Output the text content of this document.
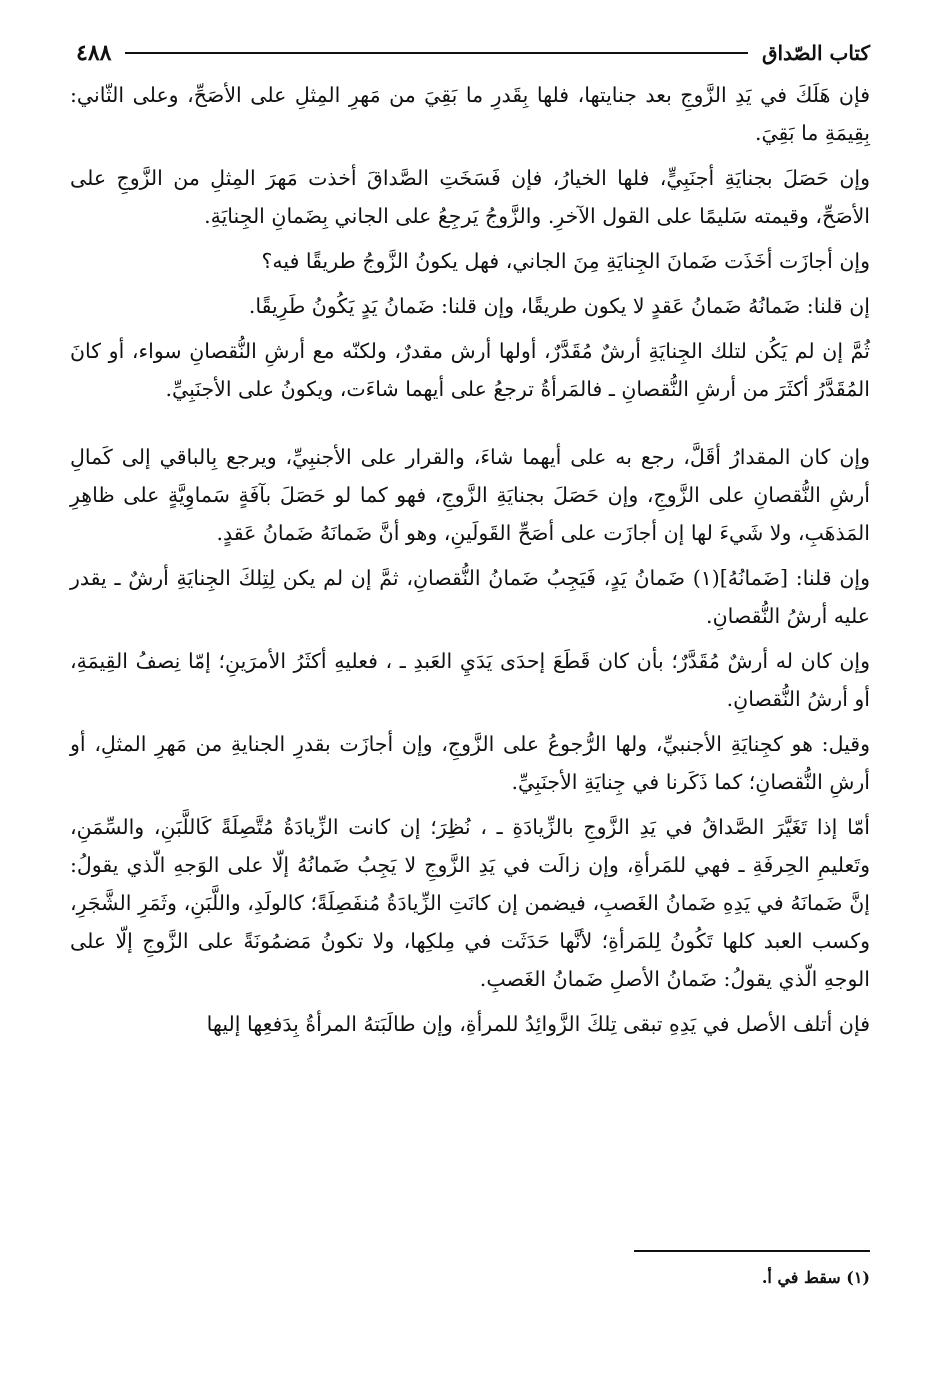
كتاب الصّداق
٤٨٨

فإن هَلَكَ في يَدِ الزَّوجِ بعد جنايتها، فلها بِقَدرِ ما بَقِيَ من مَهرِ المِثلِ على الأصَحِّ، وعلى الثّاني: بِقِيمَةِ ما بَقِيَ.

وإن حَصَلَ بجنايَةِ أجنَبِيٍّ، فلها الخيارُ، فإن فَسَخَتِ الصَّداقَ أخذت مَهرَ المِثلِ من الزَّوجِ على الأصَحِّ، وقيمته سَليمًا على القول الآخرِ. والزَّوجُ يَرجِعُ على الجاني بِضَمانِ الجِنايَةِ.

وإن أجازَت أخَذَت ضَمانَ الجِنايَةِ مِنَ الجاني، فهل يكونُ الزَّوجُ طريقًا فيه؟

إن قلنا: ضَمانُهُ ضَمانُ عَقدٍ لا يكون طريقًا، وإن قلنا: ضَمانُ يَدٍ يَكُونُ طَرِيقًا.

ثُمَّ إن لم يَكُن لتلك الجِنايَةِ أرشٌ مُقَدَّرٌ، أولها أرش مقدرٌ، ولكنّه مع أرشِ النُّقصانِ سواء، أو كانَ المُقَدَّرُ أكثَرَ من أرشِ النُّقصانِ ـ فالمَرأةُ ترجعُ على أيهما شاءَت، ويكونُ على الأجنَبِيِّ.

وإن كان المقدارُ أقَلَّ، رجع به على أيهما شاءَ، والقرار على الأجنبِيِّ، ويرجع بِالباقي إلى كَمالِ أرشِ النُّقصانِ على الزَّوجِ، وإن حَصَلَ بجنايَةِ الزَّوجِ، فهو كما لو حَصَلَ بآفَةٍ سَماوِيَّةٍ على ظاهِرِ المَذهَبِ، ولا شَيءَ لها إن أجازَت على أصَحِّ القَولَينِ، وهو أنَّ ضَمانَهُ ضَمانُ عَقدٍ.

وإن قلنا: [ضَمانُهُ](١) ضَمانُ يَدٍ، فَيَجِبُ ضَمانُ النُّقصانِ، ثمَّ إن لم يكن لِتِلكَ الجِنايَةِ أرشٌ ـ يقدر عليه أرشُ النُّقصانِ.

وإن كان له أرشٌ مُقَدَّرٌ؛ بأن كان قَطَعَ إحدَى يَدَيِ العَبدِ ـ ، فعليهِ أكثَرُ الأمرَينِ؛ إمّا نِصفُ القِيمَةِ، أو أرشُ النُّقصانِ.

وقيل: هو كجِنايَةِ الأجنبيِّ، ولها الرُّجوعُ على الزَّوجِ، وإن أجازَت بقدرِ الجنايةِ من مَهرِ المثلِ، أو أرشِ النُّقصانِ؛ كما ذَكَرنا في جِنايَةِ الأجنَبِيِّ.

أمّا إذا تَغَيَّرَ الصَّداقُ في يَدِ الزَّوجِ بالزِّيادَةِ ـ ، نُظِرَ؛ إن كانت الزِّيادَةُ مُتَّصِلَةً كَاللَّبَنِ، والسِّمَنِ، وتَعليمِ الحِرفَةِ ـ فهي للمَرأةِ، وإن زالَت في يَدِ الزَّوجِ لا يَجِبُ ضَمانُهُ إلّا على الوَجهِ الّذي يقولُ: إنَّ ضَمانَهُ في يَدِهِ ضَمانُ الغَصبِ، فيضمن إن كانَتِ الزِّيادَةُ مُنفَصِلَةً؛ كالولَدِ، واللَّبَنِ، وثَمَرِ الشَّجَرِ، وكسب العبد كلها تَكُونُ لِلمَرأةِ؛ لأنَّها حَدَثَت في مِلكِها، ولا تكونُ مَضمُونَةً على الزَّوجِ إلّا على الوجهِ الّذي يقولُ: ضَمانُ الأصلِ ضَمانُ الغَصبِ.

فإن أتلف الأصل في يَدِهِ تبقى تِلكَ الزَّوائِدُ للمرأةِ، وإن طالَبَتهُ المرأةُ بِدَفعِها إليها

(١) سقط في أ.
